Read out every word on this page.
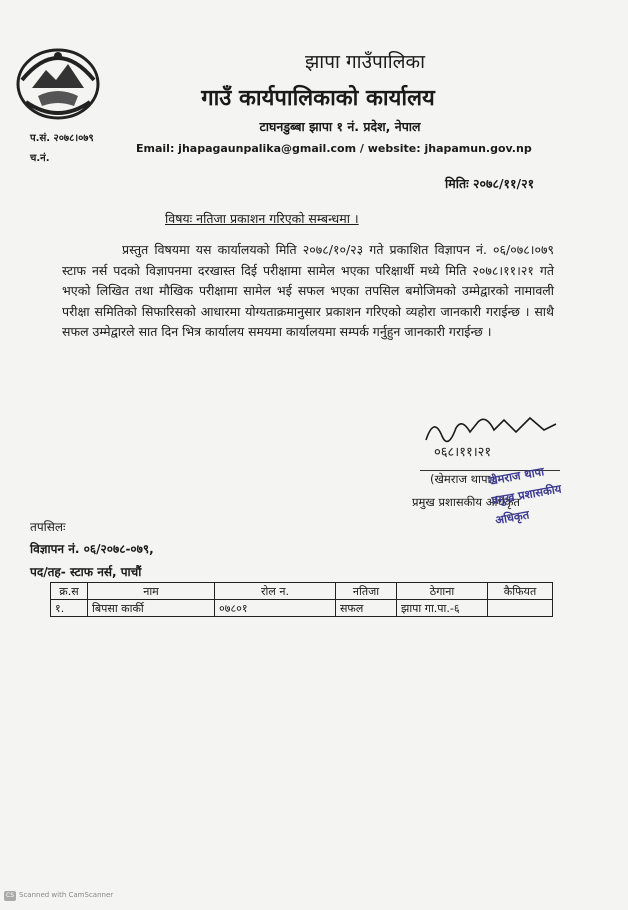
झापा गाउँपालिका
गाउँ कार्यपालिकाको कार्यालय
टाघनडुब्बा झापा १ नं. प्रदेश, नेपाल
Email: jhapagaunpalika@gmail.com / website: jhapamun.gov.np
प.सं. २०७८।०७९
च.नं.
मितिः २०७८/११/२१
विषयः नतिजा प्रकाशन गरिएको सम्बन्धमा ।
प्रस्तुत विषयमा यस कार्यालयको मिति २०७८/१०/२३ गते प्रकाशित विज्ञापन नं. ०६/०७८।०७९ स्टाफ नर्स पदको विज्ञापनमा दरखास्त दिई परीक्षामा सामेल भएका परिक्षार्थी मध्ये मिति २०७८।११।२१ गते भएको लिखित तथा मौखिक परीक्षामा सामेल भई सफल भएका तपसिल बमोजिमको उम्मेद्वारको नामावली परीक्षा समितिको सिफारिसको आधारमा योग्यताक्रमानुसार प्रकाशन गरिएको व्यहोरा जानकारी गराईन्छ । साथै सफल उम्मेद्वारले सात दिन भित्र कार्यालय समयमा कार्यालयमा सम्पर्क गर्नुहुन जानकारी गराईन्छ ।
०६८।११।२१
(खेमराज थापा)
प्रमुख प्रशासकीय अधिकृत
खेमराज थापा
प्रमुख प्रशासकीय अधिकृत
तपसिलः
विज्ञापन नं. ०६/२०७८-०७९,
पद/तह- स्टाफ नर्स, पाचौं
क्र.स	नाम	रोल न.	नतिजा	ठेगाना	कैफियत
१.	बिपसा कार्की	०७८०१	सफल	झापा गा.पा.-६	
CS Scanned with CamScanner
